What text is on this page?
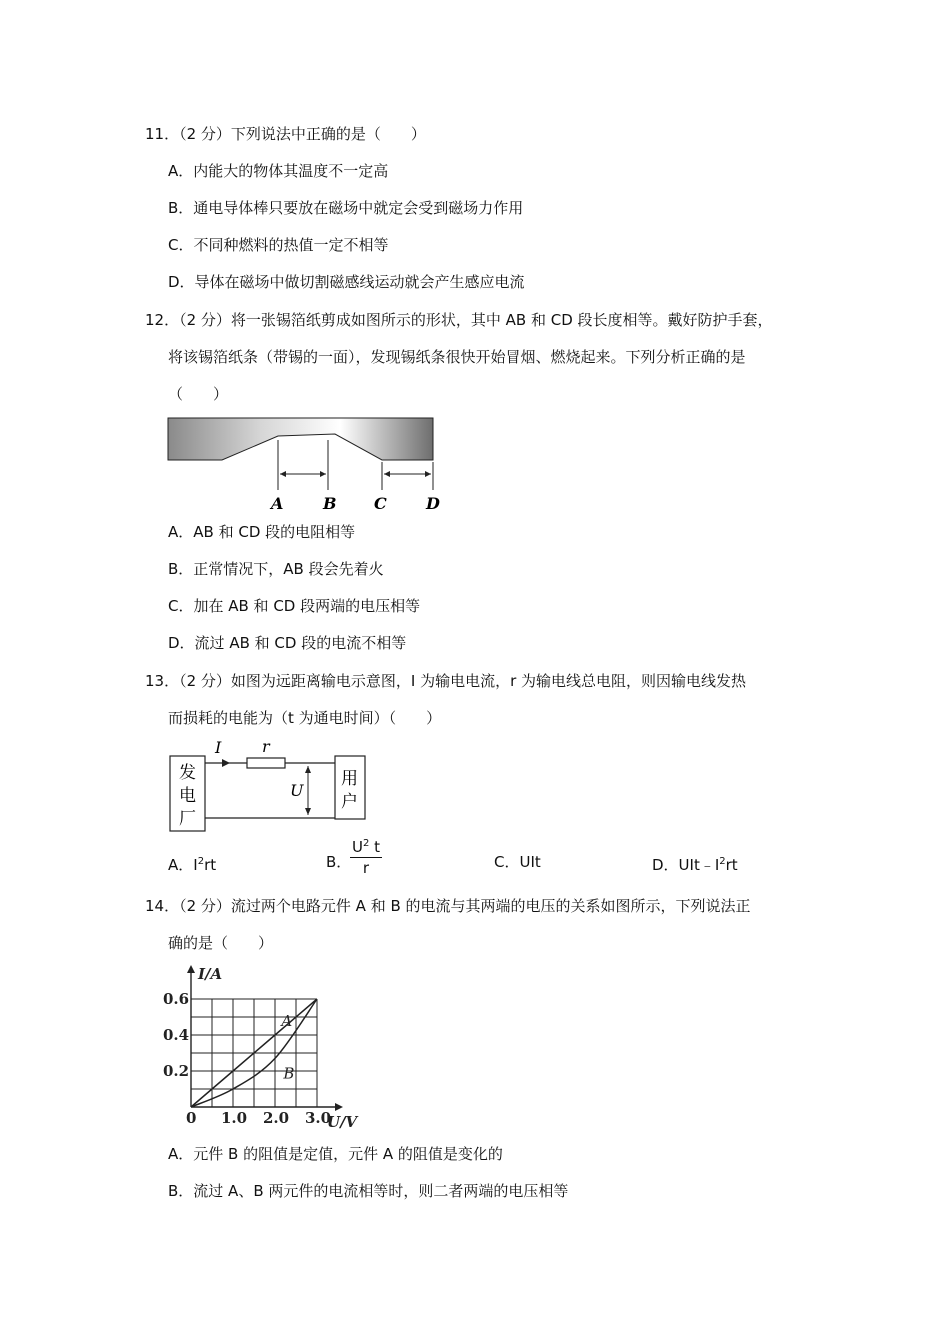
11．（2 分）下列说法中正确的是（　　）
A．内能大的物体其温度不一定高
B．通电导体棒只要放在磁场中就定会受到磁场力作用
C．不同种燃料的热值一定不相等
D．导体在磁场中做切割磁感线运动就会产生感应电流
12．（2 分）将一张锡箔纸剪成如图所示的形状，其中 AB 和 CD 段长度相等。戴好防护手套，
将该锡箔纸条（带锡的一面），发现锡纸条很快开始冒烟、燃烧起来。下列分析正确的是
（　　）
A B C D
A．AB 和 CD 段的电阻相等
B．正常情况下，AB 段会先着火
C．加在 AB 和 CD 段两端的电压相等
D．流过 AB 和 CD 段的电流不相等
13．（2 分）如图为远距离输电示意图，I 为输电电流，r 为输电线总电阻，则因输电线发热
而损耗的电能为（t 为通电时间）（　　）
发
电
厂
用
户
I	r
U
A．$I^2rt$	B．
$\frac{U^2 t}{r}$	C．UIt	D．$UIt﹣I^2rt$
14．（2 分）流过两个电路元件 A 和 B 的电流与其两端的电压的关系如图所示，下列说法正
确的是（　　）
1.0 2.0 3.0
0.2
0.4
0.6
0	U/V
I/A
A
B
A．元件 B 的阻值是定值，元件 A 的阻值是变化的
B．流过 A、B 两元件的电流相等时，则二者两端的电压相等
